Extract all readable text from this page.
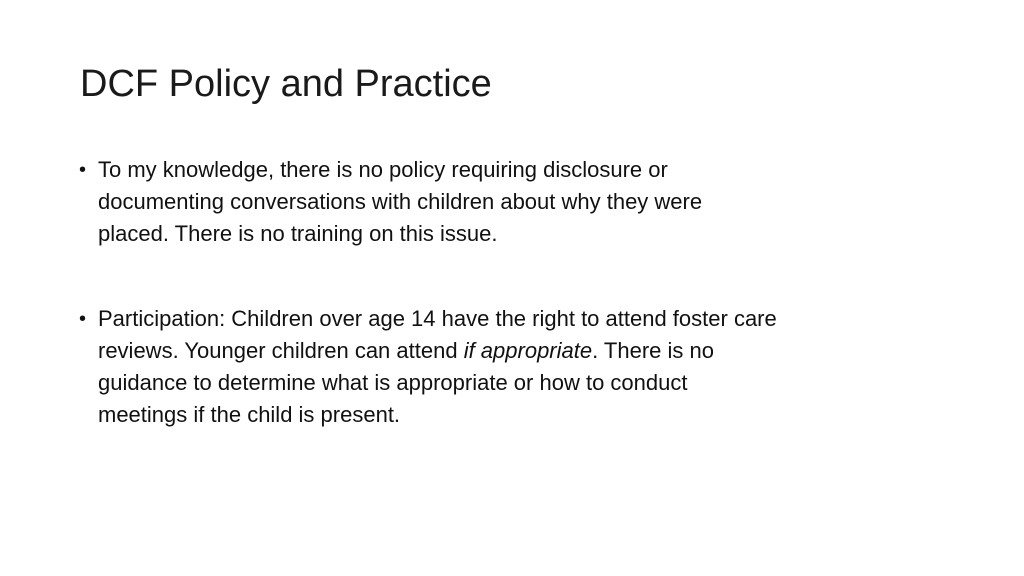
DCF Policy and Practice
• To my knowledge, there is no policy requiring disclosure or
documenting conversations with children about why they were
placed. There is no training on this issue.
• Participation: Children over age 14 have the right to attend foster care
reviews. Younger children can attend if appropriate. There is no
guidance to determine what is appropriate or how to conduct
meetings if the child is present.
